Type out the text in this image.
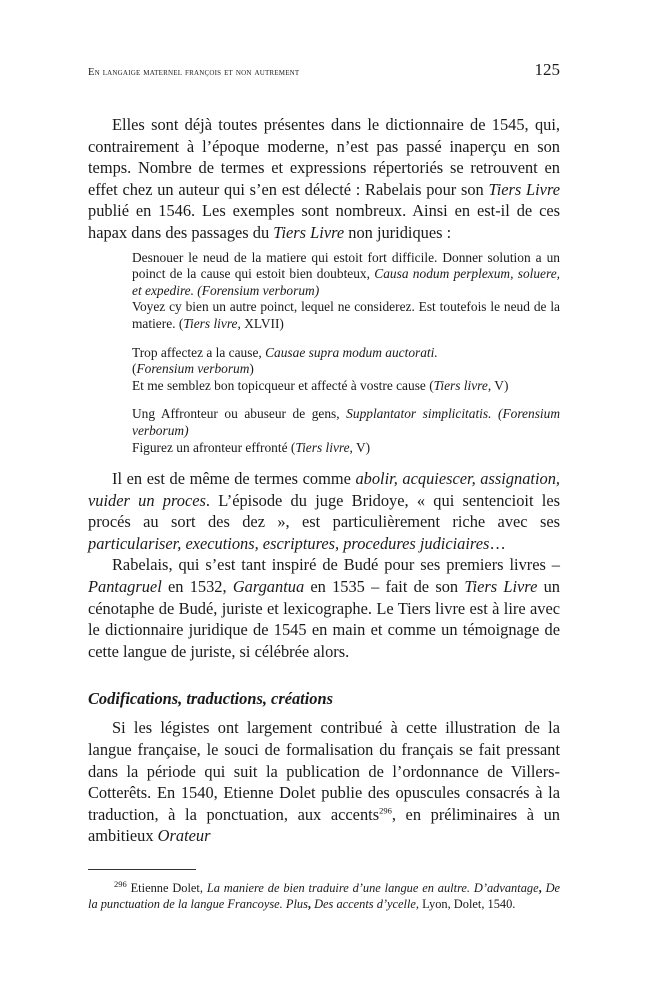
En langaige maternel françois et non autrement	125

Elles sont déjà toutes présentes dans le dictionnaire de 1545, qui, contrairement à l’époque moderne, n’est pas passé inaperçu en son temps. Nombre de termes et expressions répertoriés se retrouvent en effet chez un auteur qui s’en est délecté : Rabelais pour son Tiers Livre publié en 1546. Les exemples sont nombreux. Ainsi en est-il de ces hapax dans des passages du Tiers Livre non juridiques :

Desnouer le neud de la matiere qui estoit fort difficile. Donner solution a un poinct de la cause qui estoit bien doubteux, Causa nodum perplexum, soluere, et expedire. (Forensium verborum)

Voyez cy bien un autre poinct, lequel ne considerez. Est toutefois le neud de la matiere. (Tiers livre, XLVII)

Trop affectez a la cause, Causae supra modum auctorati.
(Forensium verborum)

Et me semblez bon topicqueur et affecté à vostre cause (Tiers livre, V)

Ung Affronteur ou abuseur de gens, Supplantator simplicitatis. (Forensium verborum)

Figurez un afronteur effronté (Tiers livre, V)

Il en est de même de termes comme abolir, acquiescer, assignation, vuider un proces. L’épisode du juge Bridoye, « qui sentencioit les procés au sort des dez », est particulièrement riche avec ses particulariser, executions, escriptures, procedures judiciaires…

Rabelais, qui s’est tant inspiré de Budé pour ses premiers livres – Pantagruel en 1532, Gargantua en 1535 – fait de son Tiers Livre un cénotaphe de Budé, juriste et lexicographe. Le Tiers livre est à lire avec le dictionnaire juridique de 1545 en main et comme un témoignage de cette langue de juriste, si célébrée alors.

Codifications, traductions, créations

Si les légistes ont largement contribué à cette illustration de la langue française, le souci de formalisation du français se fait pressant dans la période qui suit la publication de l’ordonnance de Villers-Cotterêts. En 1540, Etienne Dolet publie des opuscules consacrés à la traduction, à la ponctuation, aux accents$^{296}$, en préliminaires à un ambitieux Orateur

$^{296}$ Etienne Dolet, La maniere de bien traduire d’une langue en aultre. D’advantage, De la punctuation de la langue Francoyse. Plus, Des accents d’ycelle, Lyon, Dolet, 1540.
